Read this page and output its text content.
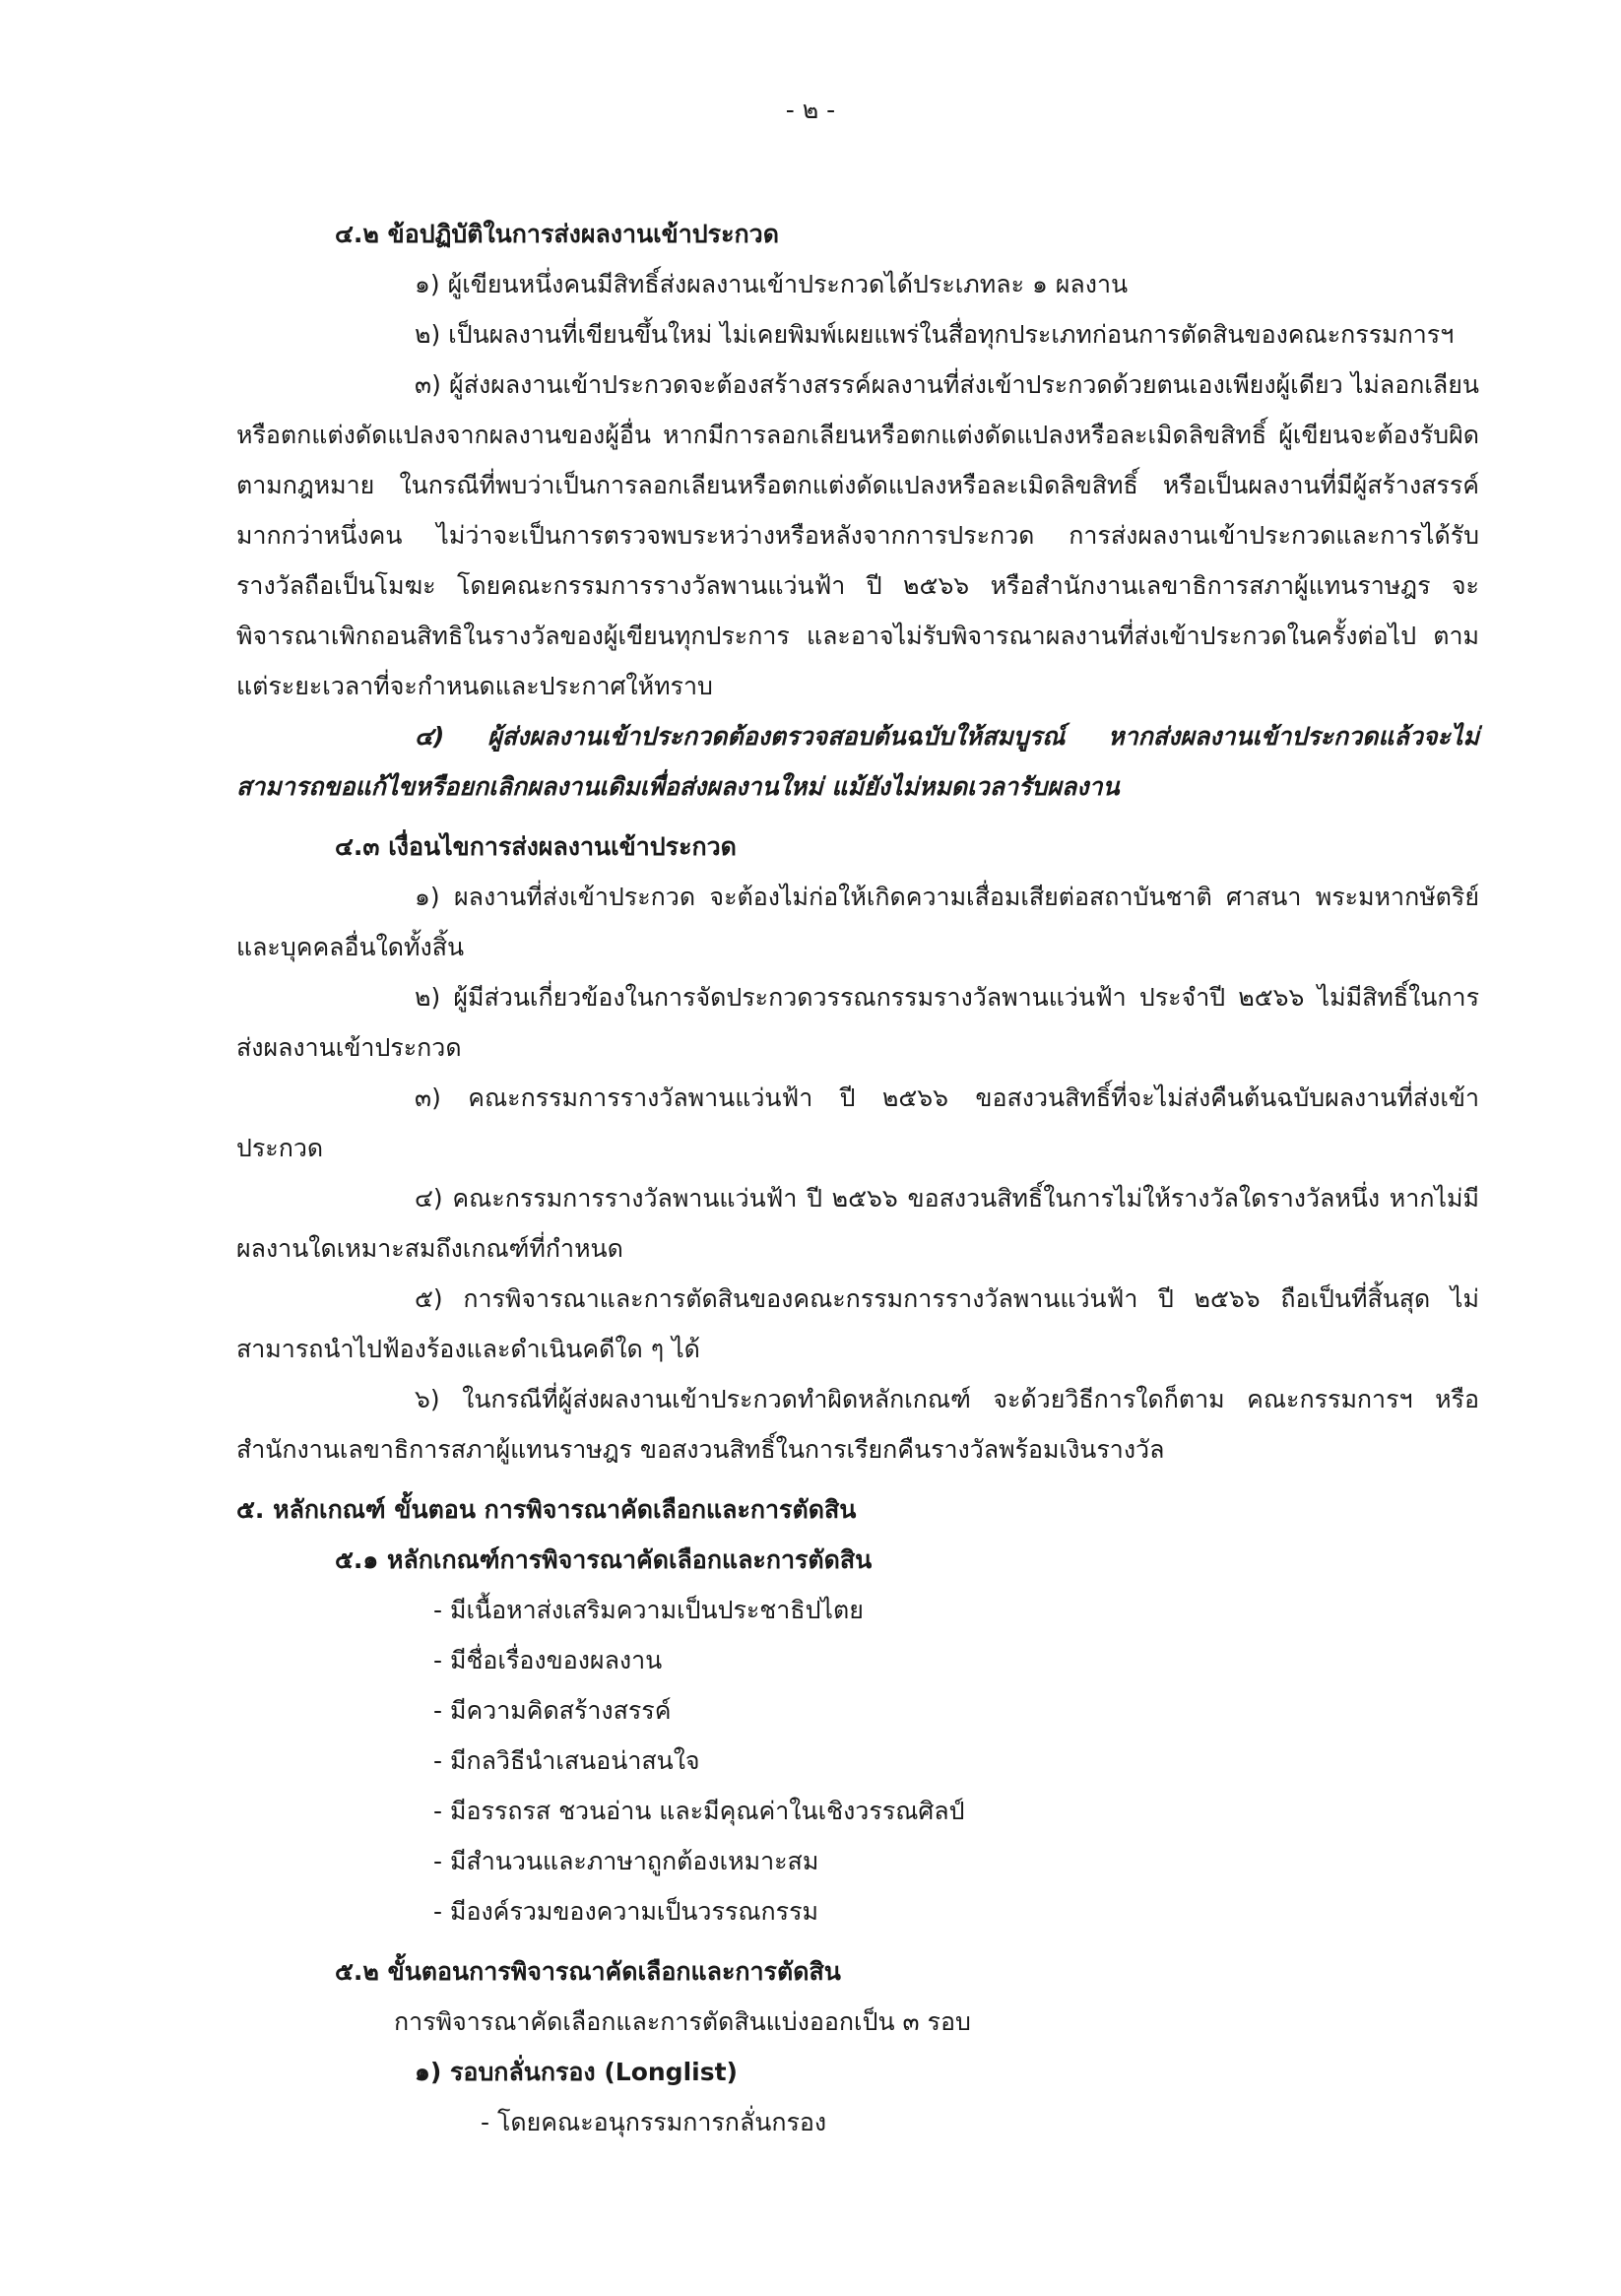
- ๒ -

๔.๒ ข้อปฏิบัติในการส่งผลงานเข้าประกวด

๑) ผู้เขียนหนึ่งคนมีสิทธิ์ส่งผลงานเข้าประกวดได้ประเภทละ ๑ ผลงาน

๒) เป็นผลงานที่เขียนขึ้นใหม่ ไม่เคยพิมพ์เผยแพร่ในสื่อทุกประเภทก่อนการตัดสินของคณะกรรมการฯ

๓) ผู้ส่งผลงานเข้าประกวดจะต้องสร้างสรรค์ผลงานที่ส่งเข้าประกวดด้วยตนเองเพียงผู้เดียว ไม่ลอกเลียนหรือตกแต่งดัดแปลงจากผลงานของผู้อื่น หากมีการลอกเลียนหรือตกแต่งดัดแปลงหรือละเมิดลิขสิทธิ์ ผู้เขียนจะต้องรับผิดตามกฎหมาย ในกรณีที่พบว่าเป็นการลอกเลียนหรือตกแต่งดัดแปลงหรือละเมิดลิขสิทธิ์ หรือเป็นผลงานที่มีผู้สร้างสรรค์มากกว่าหนึ่งคน ไม่ว่าจะเป็นการตรวจพบระหว่างหรือหลังจากการประกวด การส่งผลงานเข้าประกวดและการได้รับรางวัลถือเป็นโมฆะ โดยคณะกรรมการรางวัลพานแว่นฟ้า ปี ๒๕๖๖ หรือสำนักงานเลขาธิการสภาผู้แทนราษฎร จะพิจารณาเพิกถอนสิทธิในรางวัลของผู้เขียนทุกประการ และอาจไม่รับพิจารณาผลงานที่ส่งเข้าประกวดในครั้งต่อไป ตามแต่ระยะเวลาที่จะกำหนดและประกาศให้ทราบ

๔) ผู้ส่งผลงานเข้าประกวดต้องตรวจสอบต้นฉบับให้สมบูรณ์ หากส่งผลงานเข้าประกวดแล้วจะไม่สามารถขอแก้ไขหรือยกเลิกผลงานเดิมเพื่อส่งผลงานใหม่ แม้ยังไม่หมดเวลารับผลงาน

๔.๓ เงื่อนไขการส่งผลงานเข้าประกวด

๑) ผลงานที่ส่งเข้าประกวด จะต้องไม่ก่อให้เกิดความเสื่อมเสียต่อสถาบันชาติ ศาสนา พระมหากษัตริย์ และบุคคลอื่นใดทั้งสิ้น

๒) ผู้มีส่วนเกี่ยวข้องในการจัดประกวดวรรณกรรมรางวัลพานแว่นฟ้า ประจำปี ๒๕๖๖ ไม่มีสิทธิ์ในการส่งผลงานเข้าประกวด

๓) คณะกรรมการรางวัลพานแว่นฟ้า ปี ๒๕๖๖ ขอสงวนสิทธิ์ที่จะไม่ส่งคืนต้นฉบับผลงานที่ส่งเข้าประกวด

๔) คณะกรรมการรางวัลพานแว่นฟ้า ปี ๒๕๖๖ ขอสงวนสิทธิ์ในการไม่ให้รางวัลใดรางวัลหนึ่ง หากไม่มีผลงานใดเหมาะสมถึงเกณฑ์ที่กำหนด

๕) การพิจารณาและการตัดสินของคณะกรรมการรางวัลพานแว่นฟ้า ปี ๒๕๖๖ ถือเป็นที่สิ้นสุด ไม่สามารถนำไปฟ้องร้องและดำเนินคดีใด ๆ ได้

๖) ในกรณีที่ผู้ส่งผลงานเข้าประกวดทำผิดหลักเกณฑ์ จะด้วยวิธีการใดก็ตาม คณะกรรมการฯ หรือสำนักงานเลขาธิการสภาผู้แทนราษฎร ขอสงวนสิทธิ์ในการเรียกคืนรางวัลพร้อมเงินรางวัล

๕. หลักเกณฑ์ ขั้นตอน การพิจารณาคัดเลือกและการตัดสิน

๕.๑ หลักเกณฑ์การพิจารณาคัดเลือกและการตัดสิน

- มีเนื้อหาส่งเสริมความเป็นประชาธิปไตย

- มีชื่อเรื่องของผลงาน

- มีความคิดสร้างสรรค์

- มีกลวิธีนำเสนอน่าสนใจ

- มีอรรถรส ชวนอ่าน และมีคุณค่าในเชิงวรรณศิลป์

- มีสำนวนและภาษาถูกต้องเหมาะสม

- มีองค์รวมของความเป็นวรรณกรรม

๕.๒ ขั้นตอนการพิจารณาคัดเลือกและการตัดสิน

การพิจารณาคัดเลือกและการตัดสินแบ่งออกเป็น ๓ รอบ

๑) รอบกลั่นกรอง (Longlist)

- โดยคณะอนุกรรมการกลั่นกรอง
